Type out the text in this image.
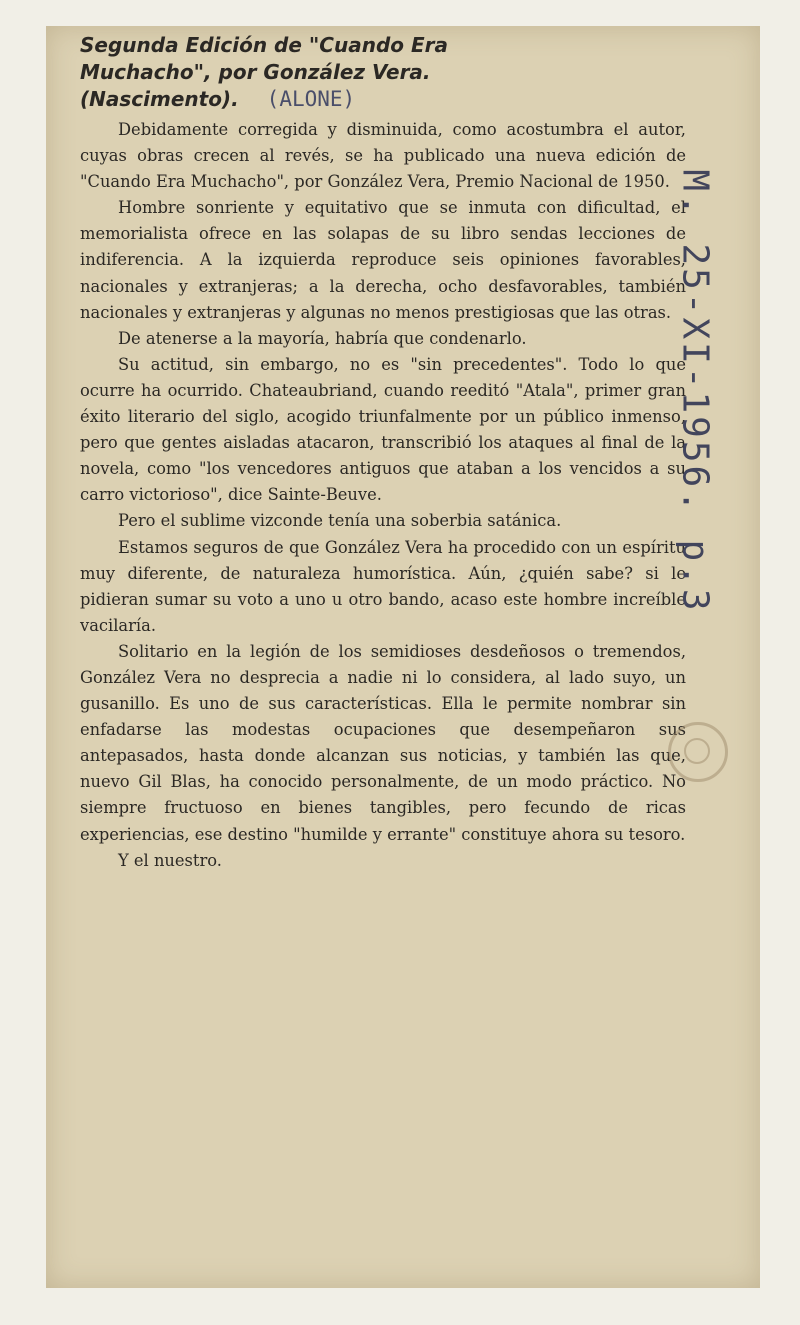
Segunda Edición de "Cuando Era
Muchacho", por González Vera.
(Nascimento). (ALONE)

Debidamente corregida y disminuida, como acostumbra el autor, cuyas obras crecen al revés, se ha publicado una nueva edición de "Cuando Era Muchacho", por González Vera, Premio Nacional de 1950.

Hombre sonriente y equitativo que se inmuta con dificultad, el memorialista ofrece en las solapas de su libro sendas lecciones de indiferencia. A la izquierda reproduce seis opiniones favorables, nacionales y extranjeras; a la derecha, ocho desfavorables, también nacionales y extranjeras y algunas no menos prestigiosas que las otras.

De atenerse a la mayoría, habría que condenarlo.

Su actitud, sin embargo, no es "sin precedentes". Todo lo que ocurre ha ocurrido. Chateaubriand, cuando reeditó "Atala", primer gran éxito literario del siglo, acogido triunfalmente por un público inmenso, pero que gentes aisladas atacaron, transcribió los ataques al final de la novela, como "los vencedores antiguos que ataban a los vencidos a su carro victorioso", dice Sainte-Beuve.

Pero el sublime vizconde tenía una soberbia satánica.

Estamos seguros de que González Vera ha procedido con un espíritu muy diferente, de naturaleza humorística. Aún, ¿quién sabe? si le pidieran sumar su voto a uno u otro bando, acaso este hombre increíble vacilaría.

Solitario en la legión de los semidioses desdeñosos o tremendos, González Vera no desprecia a nadie ni lo considera, al lado suyo, un gusanillo. Es uno de sus características. Ella le permite nombrar sin enfadarse las modestas ocupaciones que desempeñaron sus antepasados, hasta donde alcanzan sus noticias, y también las que, nuevo Gil Blas, ha conocido personalmente, de un modo práctico. No siempre fructuoso en bienes tangibles, pero fecundo de ricas experiencias, ese destino "humilde y errante" constituye ahora su tesoro.

Y el nuestro.

M. 25-XI-1956. p.3
